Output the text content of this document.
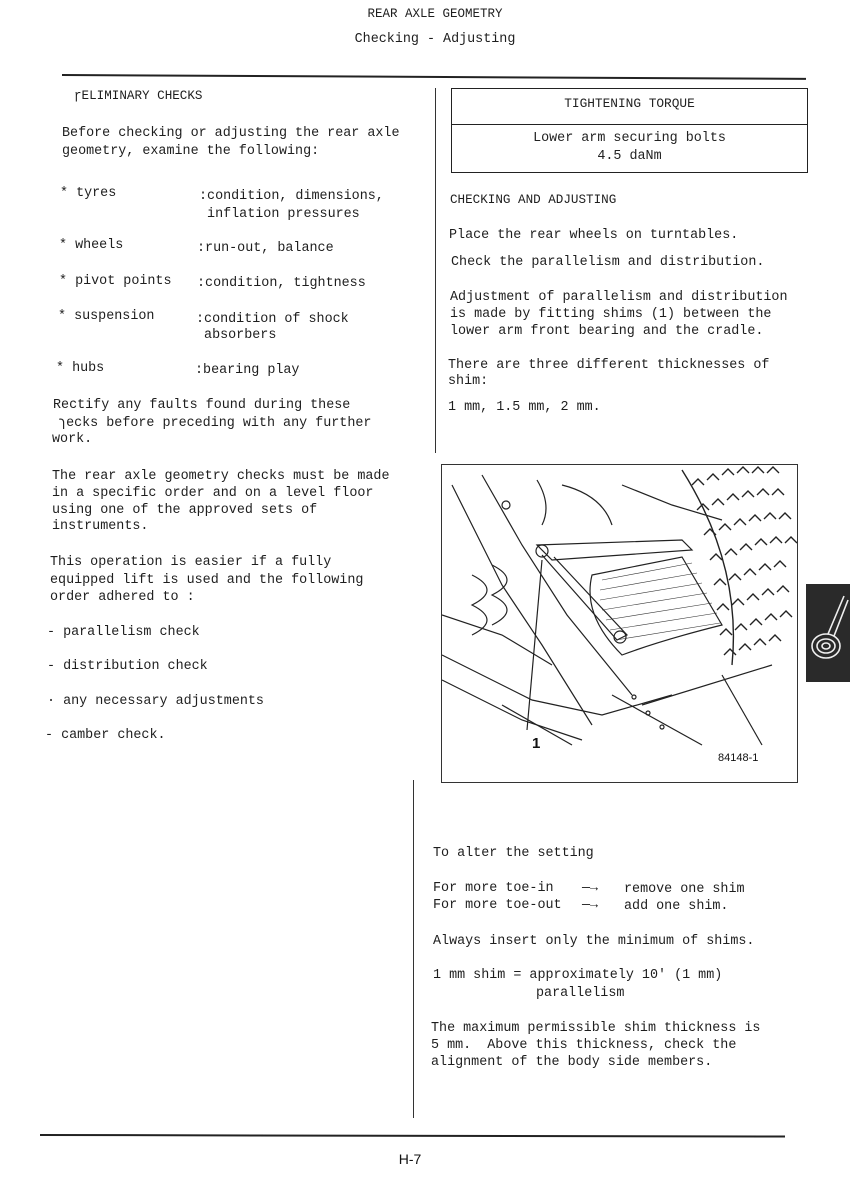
REAR AXLE GEOMETRY
Checking - Adjusting
ɼELIMINARY CHECKS
Before checking or adjusting the rear axle
geometry, examine the following:
* tyres	:condition, dimensions,
inflation pressures
* wheels	:run-out, balance
* pivot points :condition, tightness
* suspension	:condition of shock
absorbers
* hubs	:bearing play
Rectify any faults found during these
ɿecks before preceding with any further
work.
The rear axle geometry checks must be made
in a specific order and on a level floor
using one of the approved sets of
instruments.
This operation is easier if a fully
equipped lift is used and the following
order adhered to :
- parallelism check
- distribution check
· any necessary adjustments
- camber check.
TIGHTENING TORQUE
Lower arm securing bolts
4.5 daNm
CHECKING AND ADJUSTING
Place the rear wheels on turntables.
Check the parallelism and distribution.
Adjustment of parallelism and distribution
is made by fitting shims (1) between the
lower arm front bearing and the cradle.
There are three different thicknesses of
shim:
1 mm, 1.5 mm, 2 mm.
1
84148-1
To alter the setting
For more toe-in —→ remove one shim
For more toe-out —→ add one shim.
Always insert only the minimum of shims.
1 mm shim = approximately 10' (1 mm)
parallelism
The maximum permissible shim thickness is
5 mm.  Above this thickness, check the
alignment of the body side members.
H-7
